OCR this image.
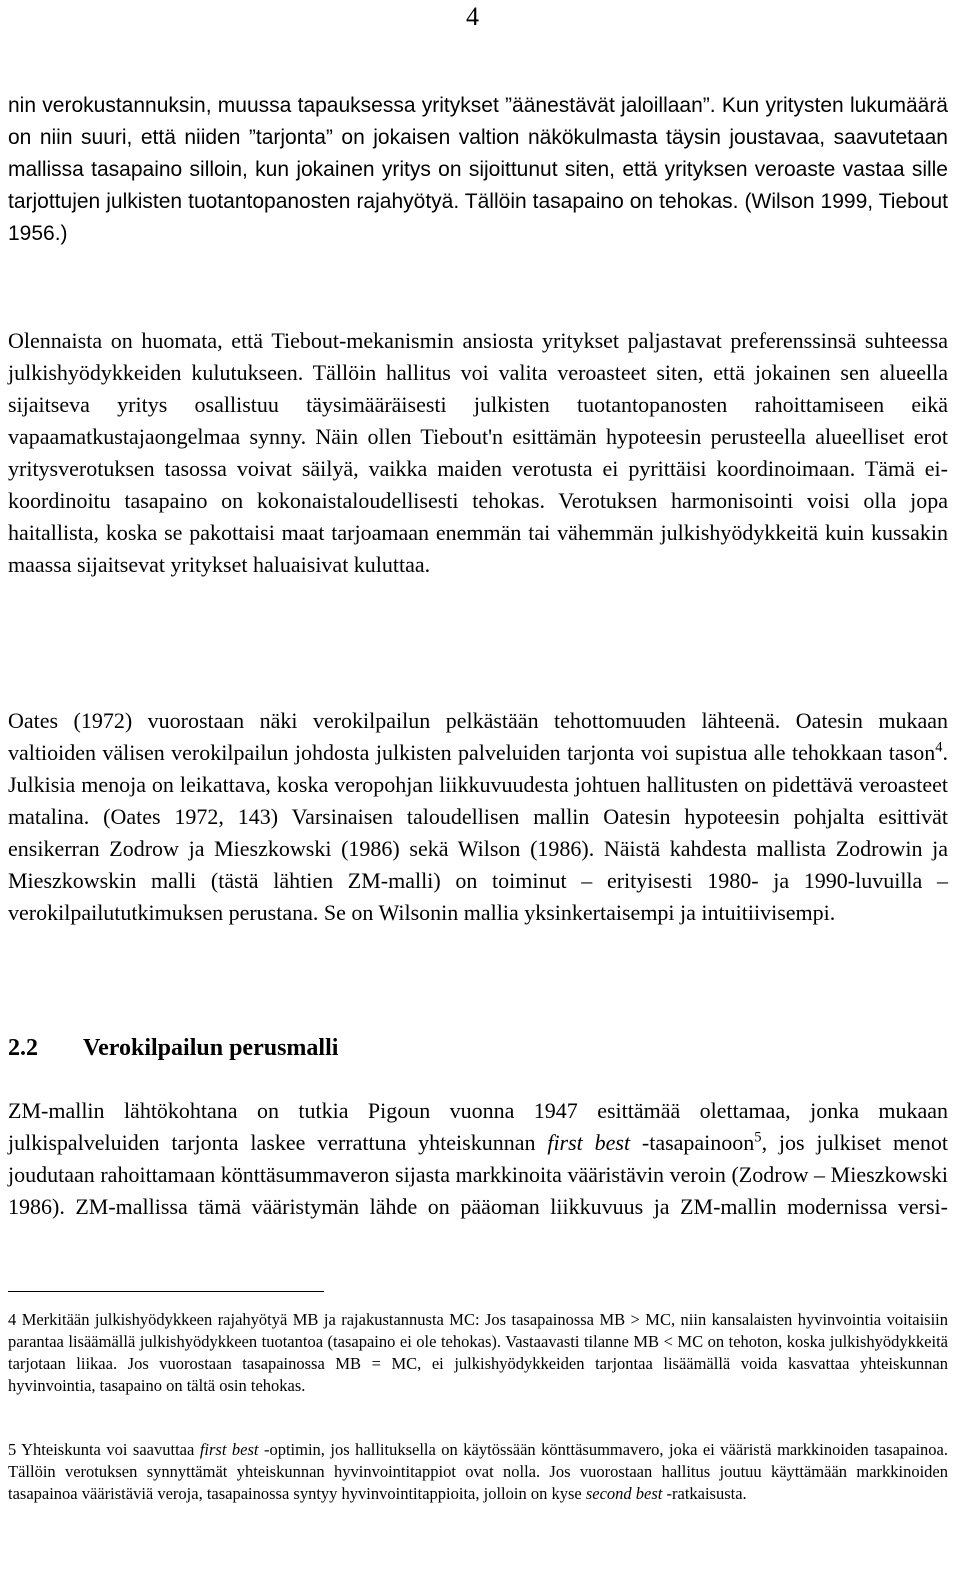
4

nin verokustannuksin, muussa tapauksessa yritykset ”äänestävät jaloillaan”. Kun yritysten lukumäärä on niin suuri, että niiden ”tarjonta” on jokaisen valtion näkökulmasta täysin joustavaa, saavutetaan mallissa tasapaino silloin, kun jokainen yritys on sijoittunut siten, että yrityksen veroaste vastaa sille tarjottujen julkisten tuotantopanosten rajahyötyä. Tällöin tasapaino on tehokas. (Wilson 1999, Tiebout 1956.)

Olennaista on huomata, että Tiebout-mekanismin ansiosta yritykset paljastavat preferenssinsä suhteessa julkishyödykkeiden kulutukseen. Tällöin hallitus voi valita veroasteet siten, että jokainen sen alueella sijaitseva yritys osallistuu täysimääräisesti julkisten tuotantopanosten rahoittamiseen eikä vapaamatkustajaongelmaa synny. Näin ollen Tiebout'n esittämän hypoteesin perusteella alueelliset erot yritysverotuksen tasossa voivat säilyä, vaikka maiden verotusta ei pyrittäisi koordinoimaan. Tämä ei-koordinoitu tasapaino on kokonaistaloudellisesti tehokas. Verotuksen harmonisointi voisi olla jopa haitallista, koska se pakottaisi maat tarjoamaan enemmän tai vähemmän julkishyödykkeitä kuin kussakin maassa sijaitsevat yritykset haluaisivat kuluttaa.

Oates (1972) vuorostaan näki verokilpailun pelkästään tehottomuuden lähteenä. Oatesin mukaan valtioiden välisen verokilpailun johdosta julkisten palveluiden tarjonta voi supistua alle tehokkaan tason$^4$. Julkisia menoja on leikattava, koska veropohjan liikkuvuudesta johtuen hallitusten on pidettävä veroasteet matalina. (Oates 1972, 143) Varsinaisen taloudellisen mallin Oatesin hypoteesin pohjalta esittivät ensikerran Zodrow ja Mieszkowski (1986) sekä Wilson (1986). Näistä kahdesta mallista Zodrowin ja Mieszkowskin malli (tästä lähtien ZM-malli) on toiminut – erityisesti 1980- ja 1990-luvuilla – verokilpailututkimuksen perustana. Se on Wilsonin mallia yksinkertaisempi ja intuitiivisempi.

2.2 Verokilpailun perusmalli

ZM-mallin lähtökohtana on tutkia Pigoun vuonna 1947 esittämää olettamaa, jonka mukaan julkispalveluiden tarjonta laskee verrattuna yhteiskunnan first best -tasapainoon$^5$, jos julkiset menot joudutaan rahoittamaan könttäsummaveron sijasta markkinoita vääristävin veroin (Zodrow – Mieszkowski 1986). ZM-mallissa tämä vääristymän lähde on pääoman liikkuvuus ja ZM-mallin modernissa versi-

4 Merkitään julkishyödykkeen rajahyötyä MB ja rajakustannusta MC: Jos tasapainossa MB > MC, niin kansalaisten hyvinvointia voitaisiin parantaa lisäämällä julkishyödykkeen tuotantoa (tasapaino ei ole tehokas). Vastaavasti tilanne MB < MC on tehoton, koska julkishyödykkeitä tarjotaan liikaa. Jos vuorostaan tasapainossa MB = MC, ei julkishyödykkeiden tarjontaa lisäämällä voida kasvattaa yhteiskunnan hyvinvointia, tasapaino on tältä osin tehokas.

5 Yhteiskunta voi saavuttaa first best -optimin, jos hallituksella on käytössään könttäsummavero, joka ei vääristä markkinoiden tasapainoa. Tällöin verotuksen synnyttämät yhteiskunnan hyvinvointitappiot ovat nolla. Jos vuorostaan hallitus joutuu käyttämään markkinoiden tasapainoa vääristäviä veroja, tasapainossa syntyy hyvinvointitappioita, jolloin on kyse second best -ratkaisusta.
